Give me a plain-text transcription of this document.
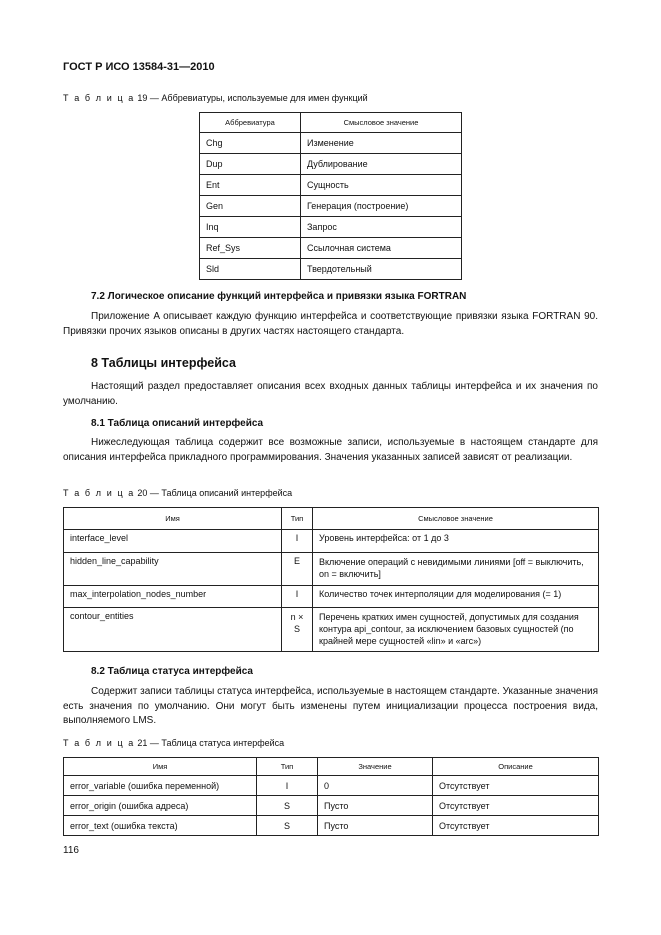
ГОСТ Р ИСО 13584-31—2010
Т а б л и ц а 19 — Аббревиатуры, используемые для имен функций
Аббревиатура	Смысловое значение
Chg	Изменение
Dup	Дублирование
Ent	Сущность
Gen	Генерация (построение)
Inq	Запрос
Ref_Sys	Ссылочная система
Sld	Твердотельный
7.2 Логическое описание функций интерфейса и привязки языка FORTRAN
Приложение A описывает каждую функцию интерфейса и соответствующие привязки языка FORTRAN 90. Привязки прочих языков описаны в других частях настоящего стандарта.
8 Таблицы интерфейса
Настоящий раздел предоставляет описания всех входных данных таблицы интерфейса и их значения по умолчанию.
8.1 Таблица описаний интерфейса
Нижеследующая таблица содержит все возможные записи, используемые в настоящем стандарте для описания интерфейса прикладного программирования. Значения указанных записей зависят от реализации.
Т а б л и ц а 20 — Таблица описаний интерфейса
Имя	Тип	Смысловое значение
interface_level	I	Уровень интерфейса: от 1 до 3
hidden_line_capability	E	Включение операций с невидимыми линиями [off = выключить, on = включить]
max_interpolation_nodes_number	I	Количество точек интерполяции для моделирования (= 1)
contour_entities	n × S	Перечень кратких имен сущностей, допустимых для создания контура api_contour, за исключением базовых сущностей (по крайней мере сущностей «lin» и «arc»)
8.2 Таблица статуса интерфейса
Содержит записи таблицы статуса интерфейса, используемые в настоящем стандарте. Указанные значения есть значения по умолчанию. Они могут быть изменены путем инициализации процесса построения вида, выполняемого LMS.
Т а б л и ц а 21 — Таблица статуса интерфейса
Имя	Тип	Значение	Описание
error_variable (ошибка переменной)	I	0	Отсутствует
error_origin (ошибка адреса)	S	Пусто	Отсутствует
error_text (ошибка текста)	S	Пусто	Отсутствует
116
